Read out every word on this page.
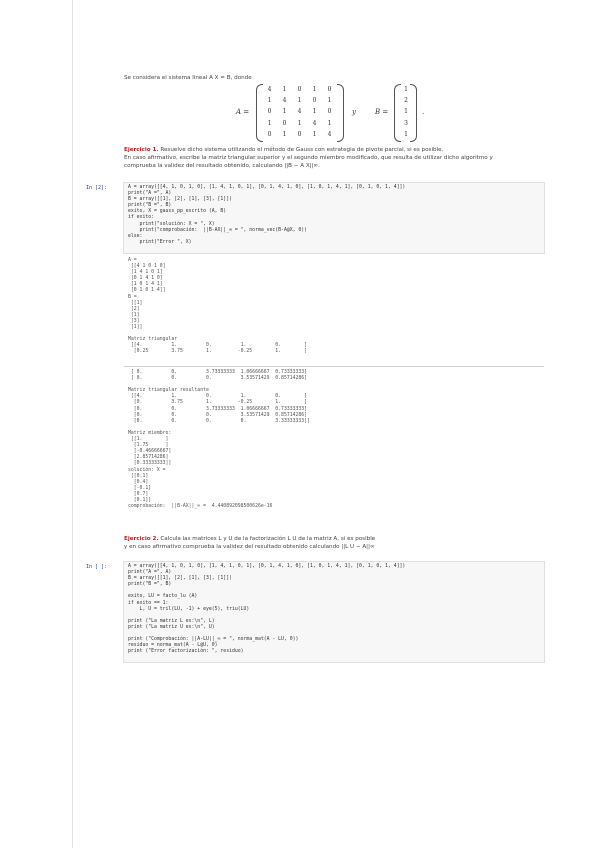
Se considera el sistema lineal A X = B, donde
A =
4	1	0	1	0
1	4	1	0	1
0	1	4	1	0
1	0	1	4	1
0	1	0	1	4
y	B =
1
2
1
3
1
.
Ejercicio 1. Resuelve dicho sistema utilizando el método de Gauss con estrategia de pivote parcial, si es posible.
En caso afirmativo, escribe la matriz triangular superior y el segundo miembro modificado, que resulta de utilizar dicho algoritmo y
comprueba la validez del resultado obtenido, calculando ||B − A X||∞.
In [2]:	A = array([[4, 1, 0, 1, 0], [1, 4, 1, 0, 1], [0, 1, 4, 1, 0], [1, 0, 1, 4, 1], [0, 1, 0, 1, 4]])
print("A =", A)
B = array([[1], [2], [1], [3], [1]])
print("B =", B)
exito, X = gauss_pp_escrito (A, B)
if exito:
print("solución: X = ", X)
print("comprobación:  ||B-AX||_∞ = ", norma_vec(B-A@X, 0))
else:
print("Error ", X)
A =
[[4 1 0 1 0]
[1 4 1 0 1]
[0 1 4 1 0]
[1 0 1 4 1]
[0 1 0 1 4]]
B =
[[1]
[2]
[1]
[3]
[1]]

Matriz triangular
[[4.          1.          0.          1.          0.        ]
[0.25        3.75        1.         -0.25        1.        ]
[ 0.          0.          3.73333333  1.06666667  0.73333333]
[ 0.          0.          0.          3.53571429  0.85714286]

Matriz triangular resultante
[[4.          1.          0.          1.          0.        ]
[0.          3.75        1.         -0.25        1.        ]
[0.          0.          3.73333333  1.06666667  0.73333333]
[0.          0.          0.          3.53571429  0.85714286]
[0.          0.          0.          0.          3.33333333]]

Matriz miembro:
[[1.        ]
[1.75      ]
[-0.46666667]
[2.85714286]
[0.33333333]]
solución: X =
[[0.1]
[0.4]
[-0.1]
[0.7]
[0.1]]
comprobación:  ||B-AX||_∞ =  4.440892098500626e-16
Ejercicio 2. Calcula las matrices L y U de la factorización L U de la matriz A, si es posible
y en caso afirmativo comprueba la validez del resultado obtenido calculando ||L U − A||∞
In [ ]:	A = array([[4, 1, 0, 1, 0], [1, 4, 1, 0, 1], [0, 1, 4, 1, 0], [1, 0, 1, 4, 1], [0, 1, 0, 1, 4]])
print("A =", A)
B = array([[1], [2], [1], [3], [1]])
print("B =", B)

exito, LU = facto_lu (A)
if exito == 1:
L, U = tril(LU, -1) + eye(5), triu(LU)

print ("La matriz L es:\n", L)
print ("La matriz U es:\n", U)

print ("Comprobación: ||A-LU||_∞ = ", norma_mat(A - LU, 0))
residuo = norma_mat(A - L@U, 0)
print ("Error factorización: ", residuo)
